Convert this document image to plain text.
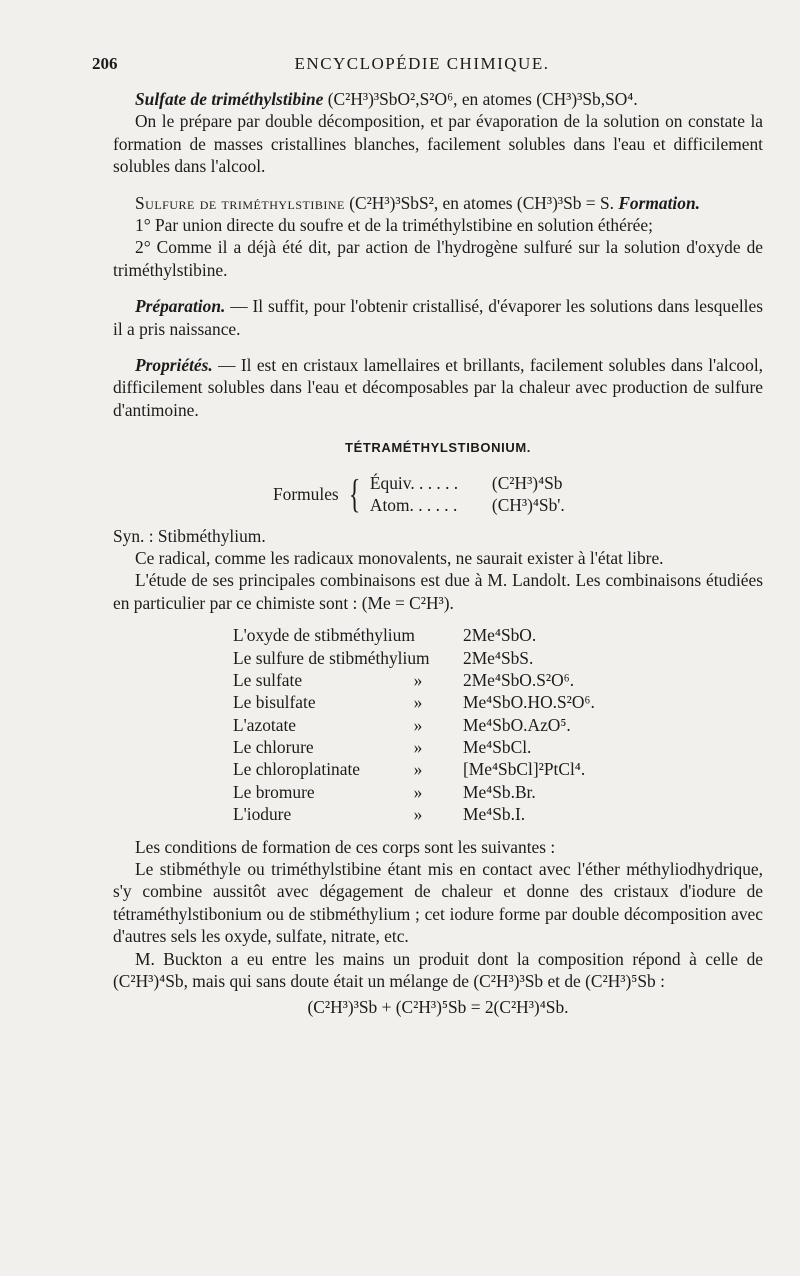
206	ENCYCLOPÉDIE CHIMIQUE.

Sulfate de triméthylstibine (C²H³)³SbO²,S²O⁶, en atomes (CH³)³Sb,SO⁴.

On le prépare par double décomposition, et par évaporation de la solution on constate la formation de masses cristallines blanches, facilement solubles dans l'eau et difficilement solubles dans l'alcool.

Sulfure de triméthylstibine (C²H³)³SbS², en atomes (CH³)³Sb = S. Formation.

1° Par union directe du soufre et de la triméthylstibine en solution éthérée;

2° Comme il a déjà été dit, par action de l'hydrogène sulfuré sur la solution d'oxyde de triméthylstibine.

Préparation. — Il suffit, pour l'obtenir cristallisé, d'évaporer les solutions dans lesquelles il a pris naissance.

Propriétés. — Il est en cristaux lamellaires et brillants, facilement solubles dans l'alcool, difficilement solubles dans l'eau et décomposables par la chaleur avec production de sulfure d'antimoine.

TÉTRAMÉTHYLSTIBONIUM.
Formules { Équiv. . . . . .	(C²H³)⁴Sb
Atom. . . . . .	(CH³)⁴Sb'.

Syn. : Stibméthylium.

Ce radical, comme les radicaux monovalents, ne saurait exister à l'état libre.

L'étude de ses principales combinaisons est due à M. Landolt. Les combinaisons étudiées en particulier par ce chimiste sont : (Me = C²H³).

L'oxyde de stibméthylium	2Me⁴SbO.
Le sulfure de stibméthylium 2Me⁴SbS.
Le sulfate	»	2Me⁴SbO.S²O⁶.
Le bisulfate	»	Me⁴SbO.HO.S²O⁶.
L'azotate	»	Me⁴SbO.AzO⁵.
Le chlorure	»	Me⁴SbCl.
Le chloroplatinate	»	[Me⁴SbCl]²PtCl⁴.
Le bromure	»	Me⁴Sb.Br.
L'iodure	»	Me⁴Sb.I.

Les conditions de formation de ces corps sont les suivantes :

Le stibméthyle ou triméthylstibine étant mis en contact avec l'éther méthyliodhydrique, s'y combine aussitôt avec dégagement de chaleur et donne des cristaux d'iodure de tétraméthylstibonium ou de stibméthylium ; cet iodure forme par double décomposition avec d'autres sels les oxyde, sulfate, nitrate, etc.

M. Buckton a eu entre les mains un produit dont la composition répond à celle de (C²H³)⁴Sb, mais qui sans doute était un mélange de (C²H³)³Sb et de (C²H³)⁵Sb :

(C²H³)³Sb + (C²H³)⁵Sb = 2(C²H³)⁴Sb.
